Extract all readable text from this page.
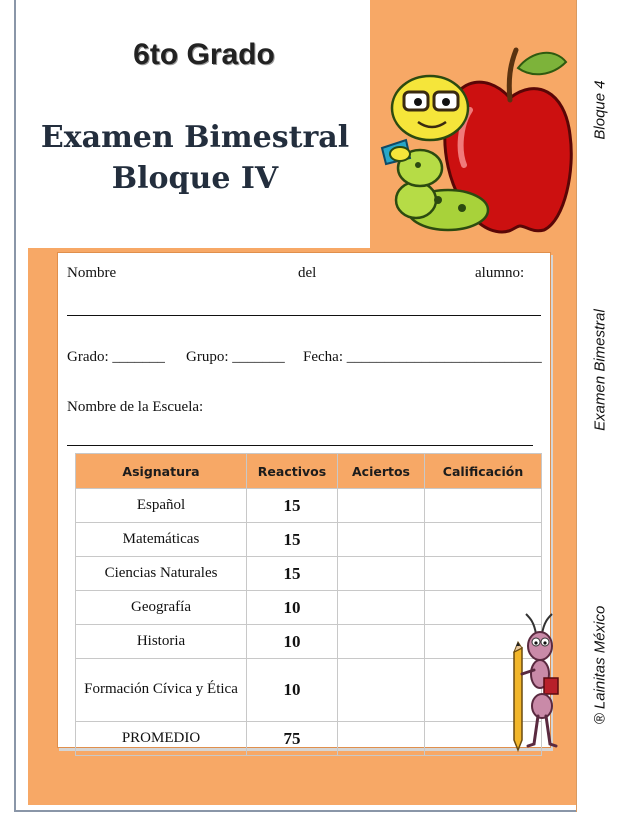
Bloque 4
Examen Bimestral
® Lainitas México
6to Grado
Examen Bimestral
Bloque IV
Nombre	del	alumno:
Grado: _______ Grupo: _______ Fecha: __________________________
Nombre de la Escuela:
Asignatura	Reactivos	Aciertos	Calificación
Español	15		
Matemáticas	15		
Ciencias Naturales	15		
Geografía	10		
Historia	10		
Formación Cívica y Ética	10		
PROMEDIO	75		
